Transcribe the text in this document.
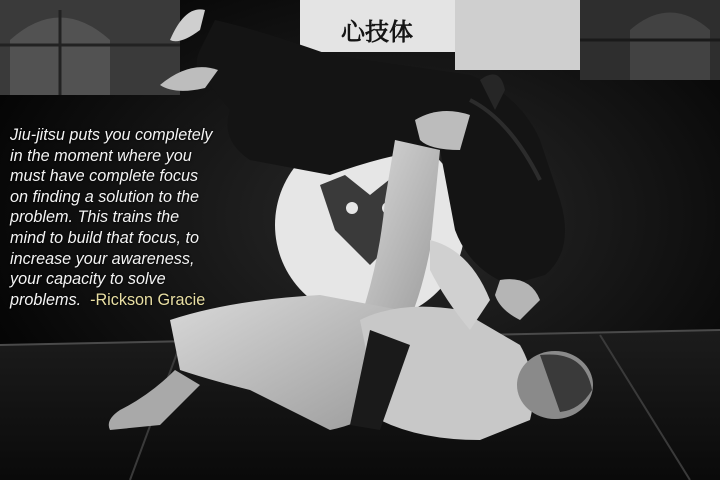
心技体

Jiu-jitsu puts you completely
in the moment where you
must have complete focus
on finding a solution to the
problem. This trains the
mind to build that focus, to
increase your awareness,
your capacity to solve
problems. -Rickson Gracie
